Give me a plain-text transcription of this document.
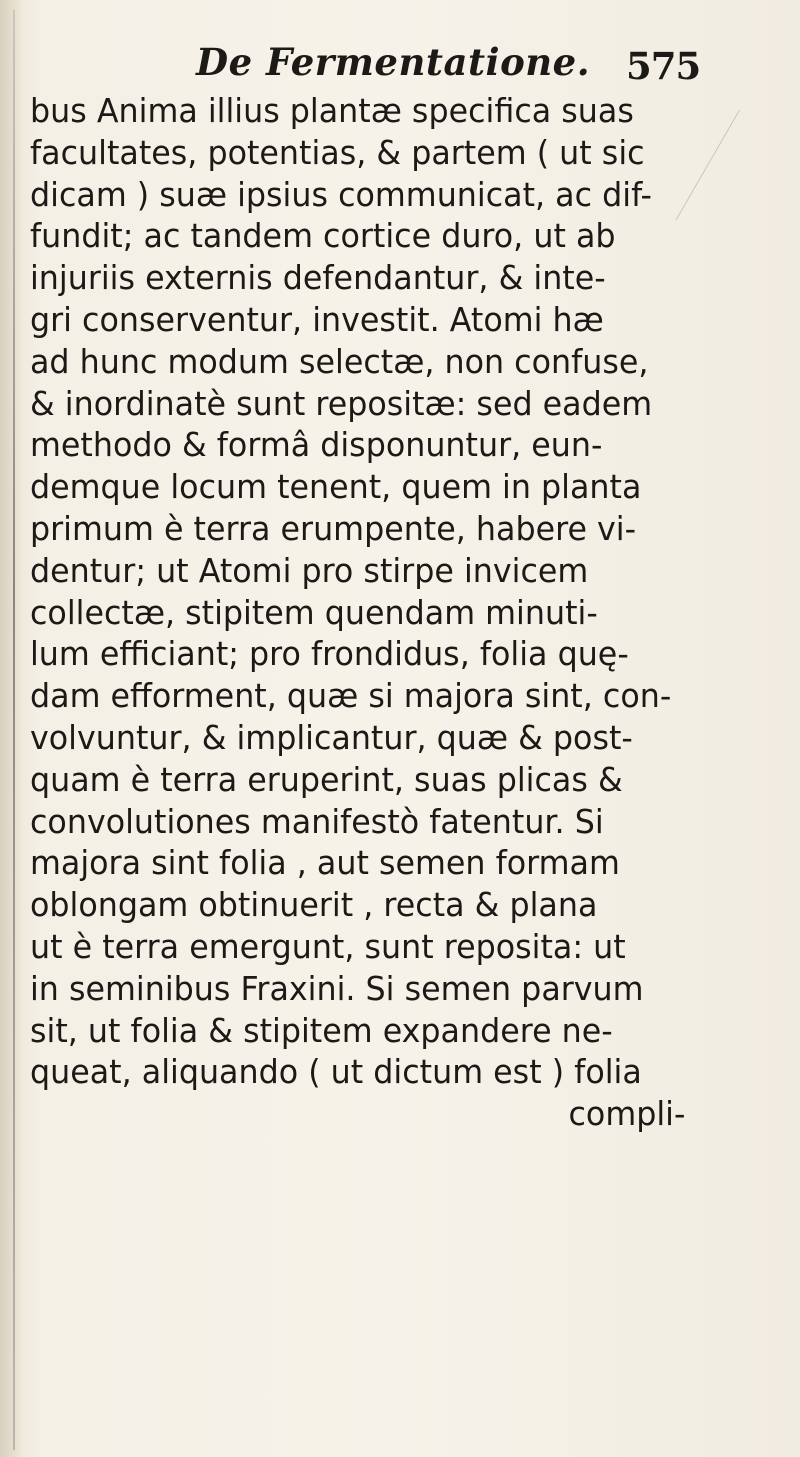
De Fermentatione. 575
bus Anima illius plantæ specifica suas
facultates, potentias, & partem ( ut sic
dicam ) suæ ipsius communicat, ac dif-
fundit; ac tandem cortice duro, ut ab
injuriis externis defendantur, & inte-
gri conserventur, investit. Atomi hæ
ad hunc modum selectæ, non confuse,
& inordinatè sunt repositæ: sed eadem
methodo & formâ disponuntur, eun-
demque locum tenent, quem in planta
primum è terra erumpente, habere vi-
dentur; ut Atomi pro stirpe invicem
collectæ, stipitem quendam minuti-
lum efficiant; pro frondidus, folia quę-
dam efforment, quæ si majora sint, con-
volvuntur, & implicantur, quæ & post-
quam è terra eruperint, suas plicas &
convolutiones manifestò fatentur. Si
majora sint folia , aut semen formam
oblongam obtinuerit , recta & plana
ut è terra emergunt, sunt reposita: ut
in seminibus Fraxini. Si semen parvum
sit, ut folia & stipitem expandere ne-
queat, aliquando ( ut dictum est ) folia
compli-
